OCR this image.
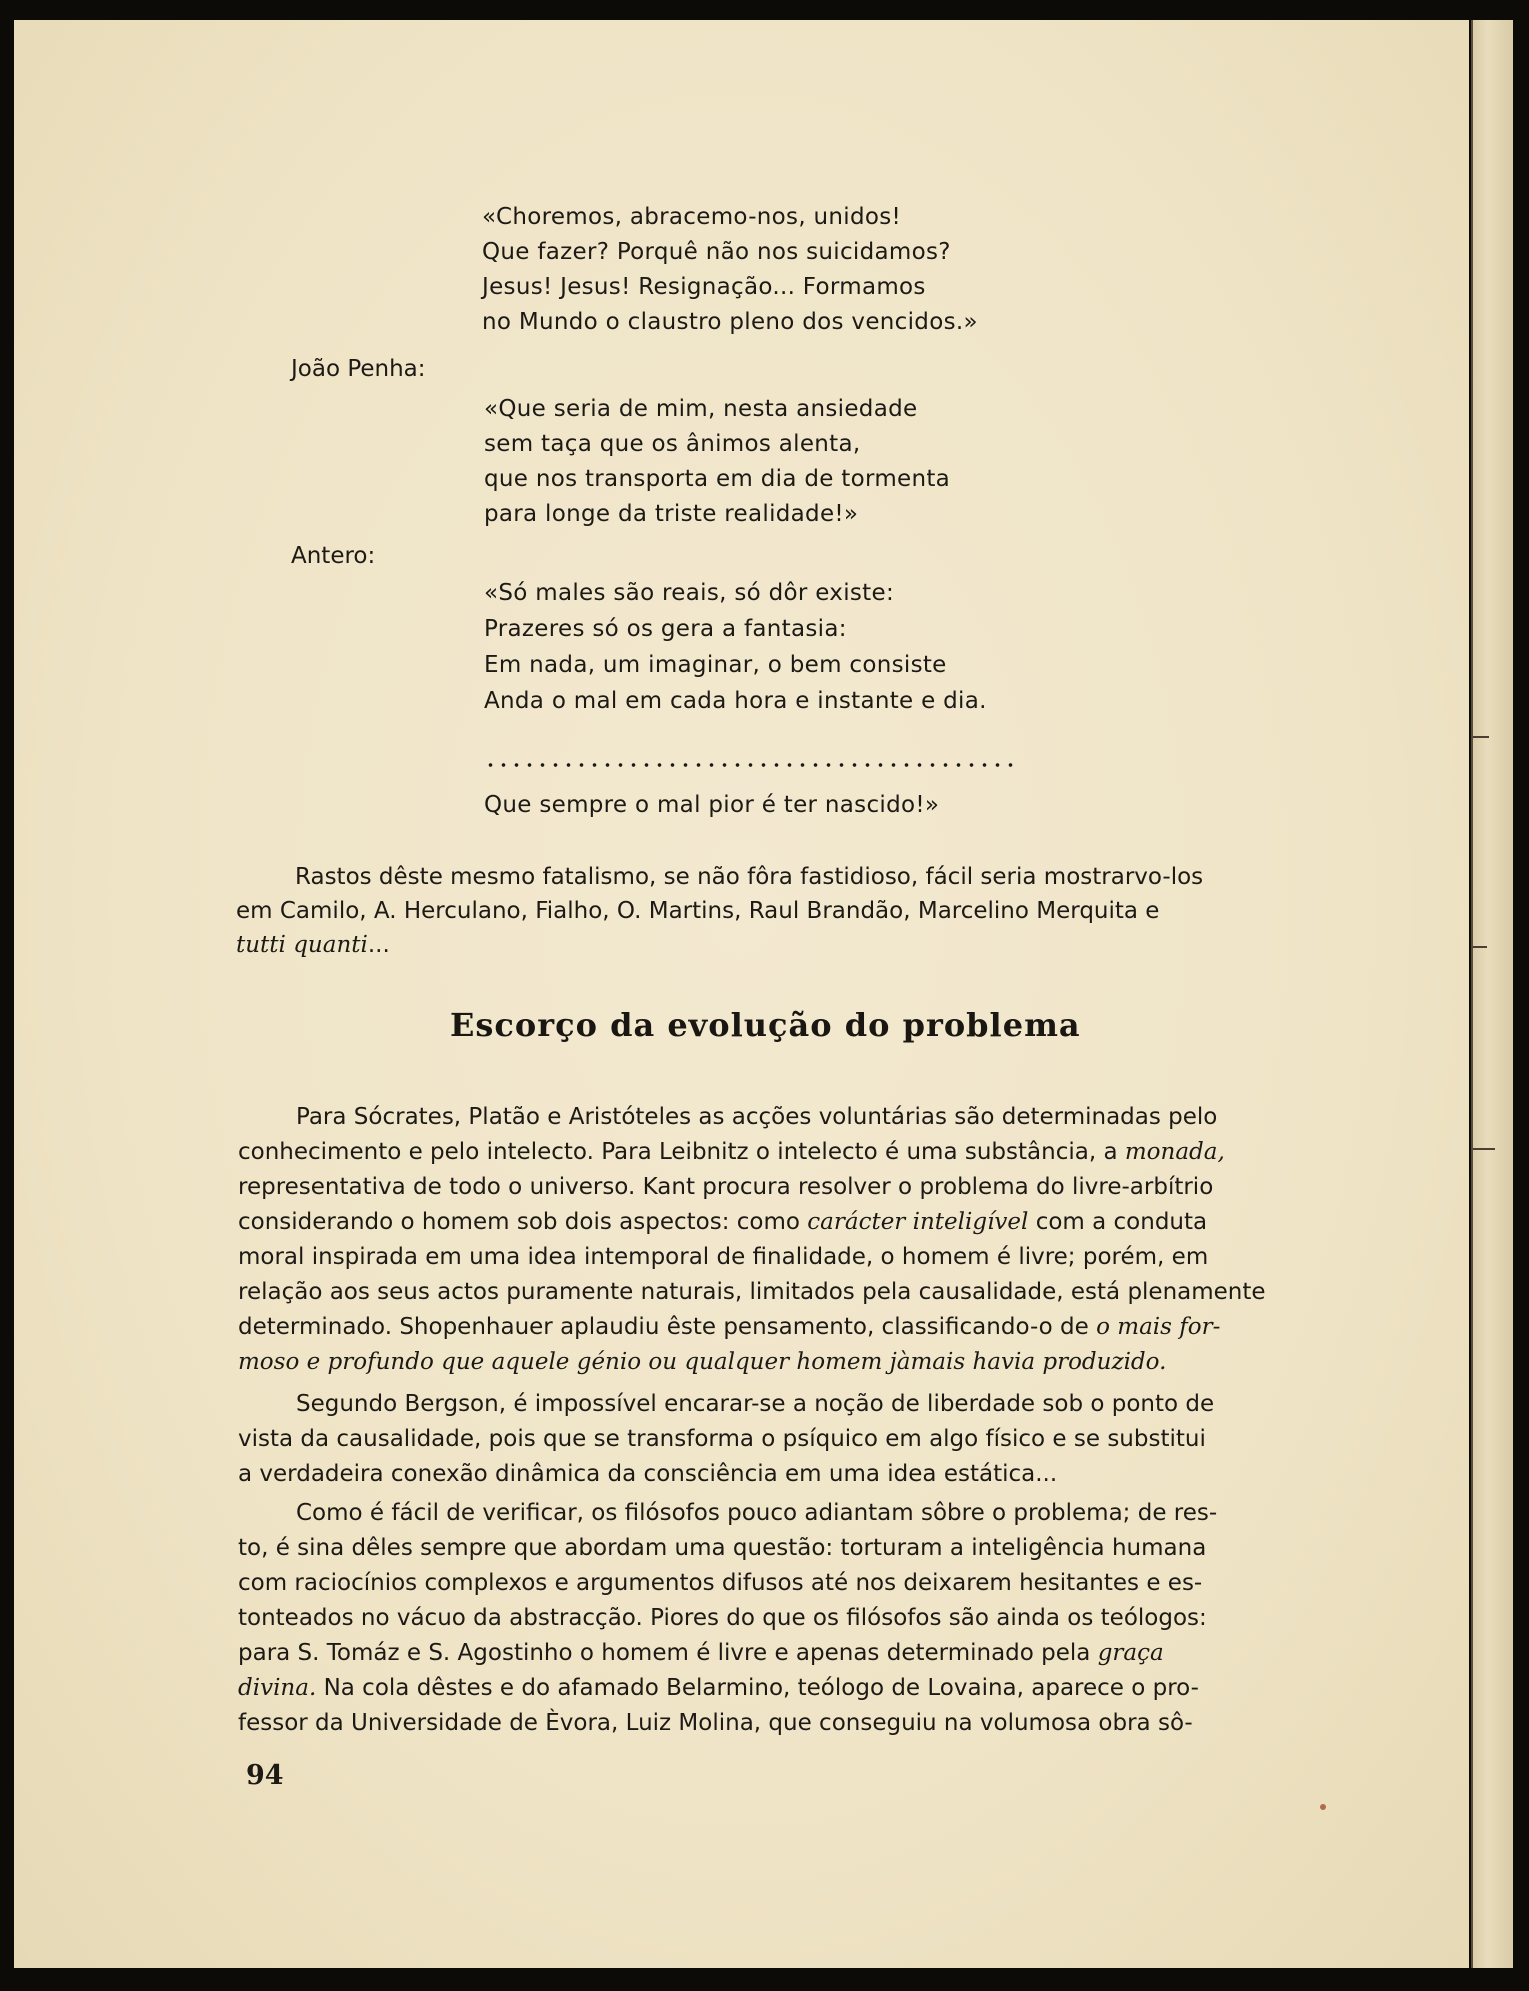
«Choremos, abracemo-nos, unidos!

Que fazer? Porquê não nos suicidamos?

Jesus! Jesus! Resignação... Formamos

no Mundo o claustro pleno dos vencidos.»

João Penha:

«Que seria de mim, nesta ansiedade

sem taça que os ânimos alenta,

que nos transporta em dia de tormenta

para longe da triste realidade!»

Antero:

«Só males são reais, só dôr existe:

Prazeres só os gera a fantasia:

Em nada, um imaginar, o bem consiste

Anda o mal em cada hora e instante e dia.

Que sempre o mal pior é ter nascido!»

Rastos dêste mesmo fatalismo, se não fôra fastidioso, fácil seria mostrarvo-los

em Camilo, A. Herculano, Fialho, O. Martins, Raul Brandão, Marcelino Merquita e

tutti quanti...

Escorço da evolução do problema

Para Sócrates, Platão e Aristóteles as acções voluntárias são determinadas pelo

conhecimento e pelo intelecto. Para Leibnitz o intelecto é uma substância, a monada,

representativa de todo o universo. Kant procura resolver o problema do livre-arbítrio

considerando o homem sob dois aspectos: como carácter inteligível com a conduta

moral inspirada em uma idea intemporal de finalidade, o homem é livre; porém, em

relação aos seus actos puramente naturais, limitados pela causalidade, está plenamente

determinado. Shopenhauer aplaudiu êste pensamento, classificando-o de o mais for-

moso e profundo que aquele génio ou qualquer homem jàmais havia produzido.

Segundo Bergson, é impossível encarar-se a noção de liberdade sob o ponto de

vista da causalidade, pois que se transforma o psíquico em algo físico e se substitui

a verdadeira conexão dinâmica da consciência em uma idea estática...

Como é fácil de verificar, os filósofos pouco adiantam sôbre o problema; de res-

to, é sina dêles sempre que abordam uma questão: torturam a inteligência humana

com raciocínios complexos e argumentos difusos até nos deixarem hesitantes e es-

tonteados no vácuo da abstracção. Piores do que os filósofos são ainda os teólogos:

para S. Tomáz e S. Agostinho o homem é livre e apenas determinado pela graça

divina. Na cola dêstes e do afamado Belarmino, teólogo de Lovaina, aparece o pro-

fessor da Universidade de Èvora, Luiz Molina, que conseguiu na volumosa obra sô-

94
